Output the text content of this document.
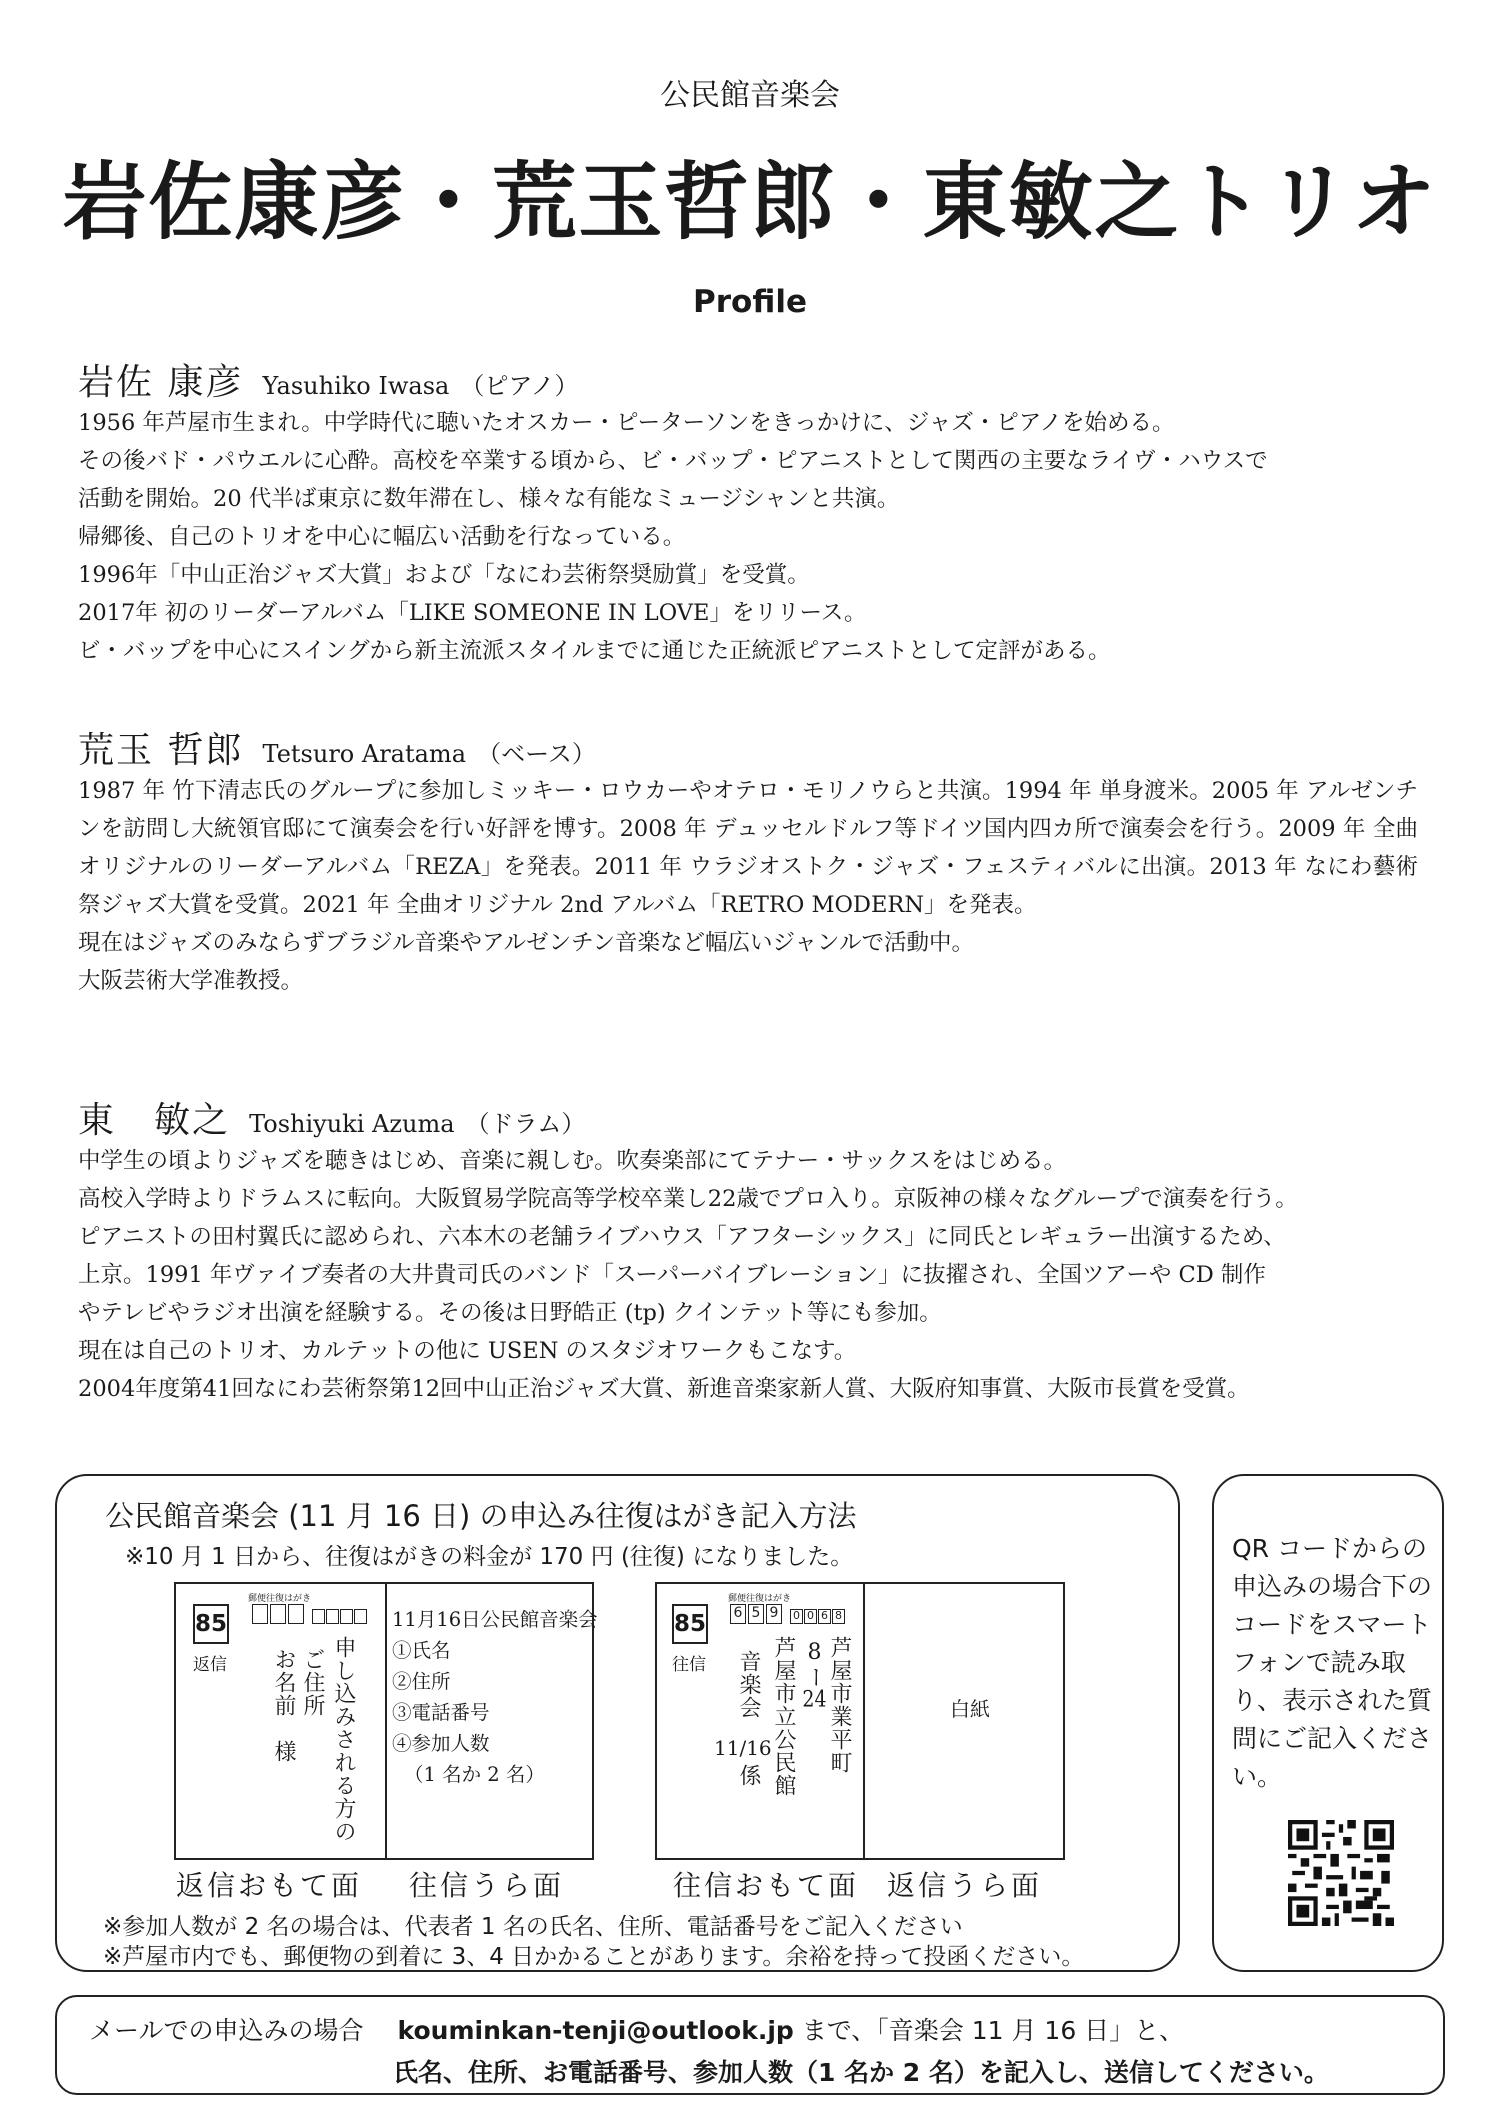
公民館音楽会
岩佐康彦・荒玉哲郎・東敏之トリオ
Profile
岩佐 康彦 Yasuhiko Iwasa （ピアノ）
1956 年芦屋市生まれ。中学時代に聴いたオスカー・ピーターソンをきっかけに、ジャズ・ピアノを始める。
その後バド・パウエルに心酔。高校を卒業する頃から、ビ・バップ・ピアニストとして関西の主要なライヴ・ハウスで
活動を開始。20 代半ば東京に数年滞在し、様々な有能なミュージシャンと共演。
帰郷後、自己のトリオを中心に幅広い活動を行なっている。
1996年「中山正治ジャズ大賞」および「なにわ芸術祭奨励賞」を受賞。
2017年 初のリーダーアルバム「LIKE SOMEONE IN LOVE」をリリース。
ビ・バップを中心にスイングから新主流派スタイルまでに通じた正統派ピアニストとして定評がある。
荒玉 哲郎 Tetsuro Aratama （ベース）
1987 年 竹下清志氏のグループに参加しミッキー・ロウカーやオテロ・モリノウらと共演。1994 年 単身渡米。2005 年 アルゼンチンを訪問し大統領官邸にて演奏会を行い好評を博す。2008 年 デュッセルドルフ等ドイツ国内四カ所で演奏会を行う。2009 年 全曲オリジナルのリーダーアルバム「REZA」を発表。2011 年 ウラジオストク・ジャズ・フェスティバルに出演。2013 年 なにわ藝術祭ジャズ大賞を受賞。2021 年 全曲オリジナル 2nd アルバム「RETRO MODERN」を発表。
現在はジャズのみならずブラジル音楽やアルゼンチン音楽など幅広いジャンルで活動中。
大阪芸術大学准教授。
東　敏之 Toshiyuki Azuma （ドラム）
中学生の頃よりジャズを聴きはじめ、音楽に親しむ。吹奏楽部にてテナー・サックスをはじめる。
高校入学時よりドラムスに転向。大阪貿易学院高等学校卒業し22歳でプロ入り。京阪神の様々なグループで演奏を行う。
ピアニストの田村翼氏に認められ、六本木の老舗ライブハウス「アフターシックス」に同氏とレギュラー出演するため、
上京。1991 年ヴァイブ奏者の大井貴司氏のバンド「スーパーバイブレーション」に抜擢され、全国ツアーや CD 制作
やテレビやラジオ出演を経験する。その後は日野皓正 (tp) クインテット等にも参加。
現在は自己のトリオ、カルテットの他に USEN のスタジオワークもこなす。
2004年度第41回なにわ芸術祭第12回中山正治ジャズ大賞、新進音楽家新人賞、大阪府知事賞、大阪市長賞を受賞。
公民館音楽会 (11 月 16 日) の申込み往復はがき記入方法
※10 月 1 日から、往復はがきの料金が 170 円 (往復) になりました。
85
返信
郵便往復はがき
申し込みされる方の
ご住所
お名前　様
11月16日公民館音楽会
①氏名
②住所
③電話番号
④参加人数
（1 名か 2 名）
85
往信
郵便往復はがき
6 5 9 0 0 6 8
芦屋市業平町
8ー24
芦屋市立公民館
音楽会
11/16
係
白紙
返信おもて面 往信うら面	往信おもて面 返信うら面
※参加人数が 2 名の場合は、代表者 1 名の氏名、住所、電話番号をご記入ください
※芦屋市内でも、郵便物の到着に 3、4 日かかることがあります。余裕を持って投函ください。
QR コードからの申込みの場合下のコードをスマートフォンで読み取り、表示された質問にご記入ください。
メールでの申込みの場合 kouminkan-tenji@outlook.jp まで、「音楽会 11 月 16 日」と、
氏名、住所、お電話番号、参加人数（1 名か 2 名）を記入し、送信してください。
